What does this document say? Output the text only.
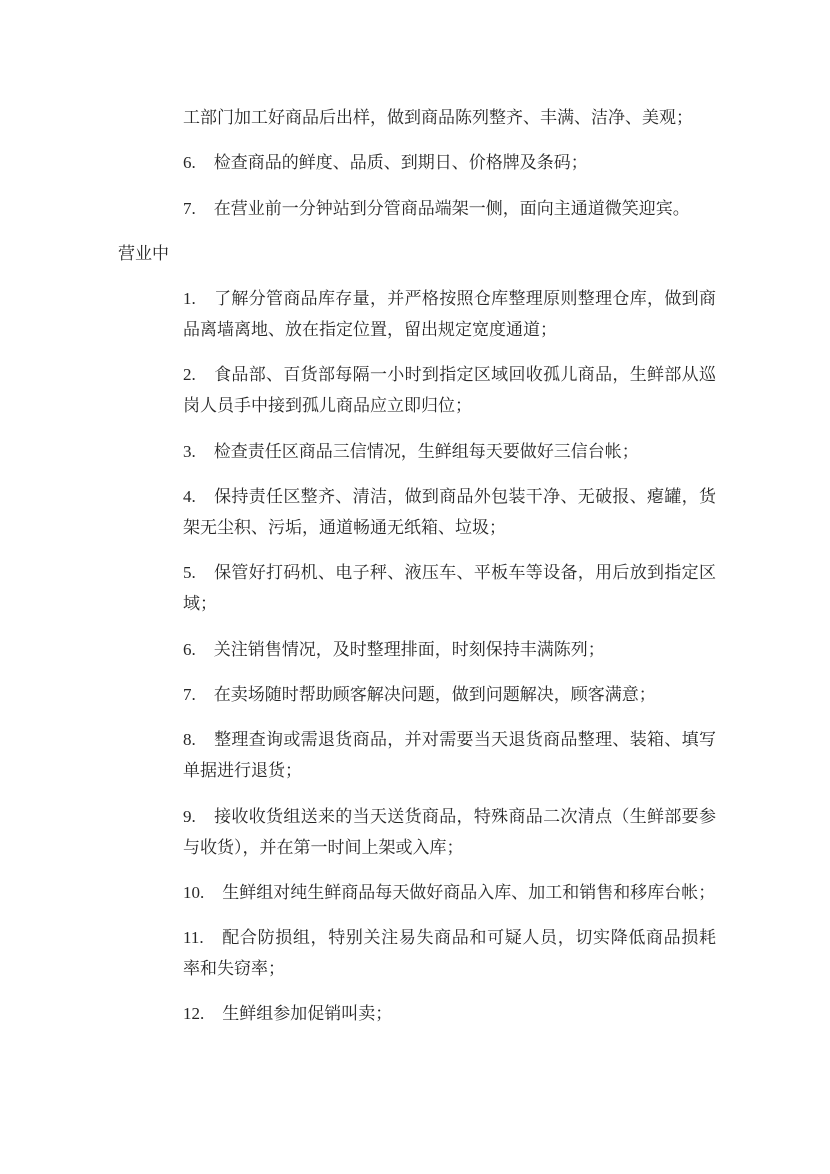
工部门加工好商品后出样，做到商品陈列整齐、丰满、洁净、美观；
6. 检查商品的鲜度、品质、到期日、价格牌及条码；
7. 在营业前一分钟站到分管商品端架一侧，面向主通道微笑迎宾。
营业中
1. 了解分管商品库存量，并严格按照仓库整理原则整理仓库，做到商
品离墙离地、放在指定位置，留出规定宽度通道；
2. 食品部、百货部每隔一小时到指定区域回收孤儿商品，生鲜部从巡
岗人员手中接到孤儿商品应立即归位；
3. 检查责任区商品三信情况，生鲜组每天要做好三信台帐；
4. 保持责任区整齐、清洁，做到商品外包装干净、无破报、瘪罐，货
架无尘积、污垢，通道畅通无纸箱、垃圾；
5. 保管好打码机、电子秤、液压车、平板车等设备，用后放到指定区
域；
6. 关注销售情况，及时整理排面，时刻保持丰满陈列；
7. 在卖场随时帮助顾客解决问题，做到问题解决，顾客满意；
8. 整理查询或需退货商品，并对需要当天退货商品整理、装箱、填写
单据进行退货；
9. 接收收货组送来的当天送货商品，特殊商品二次清点（生鲜部要参
与收货），并在第一时间上架或入库；
10. 生鲜组对纯生鲜商品每天做好商品入库、加工和销售和移库台帐；
11. 配合防损组，特别关注易失商品和可疑人员，切实降低商品损耗
率和失窃率；
12. 生鲜组参加促销叫卖；
